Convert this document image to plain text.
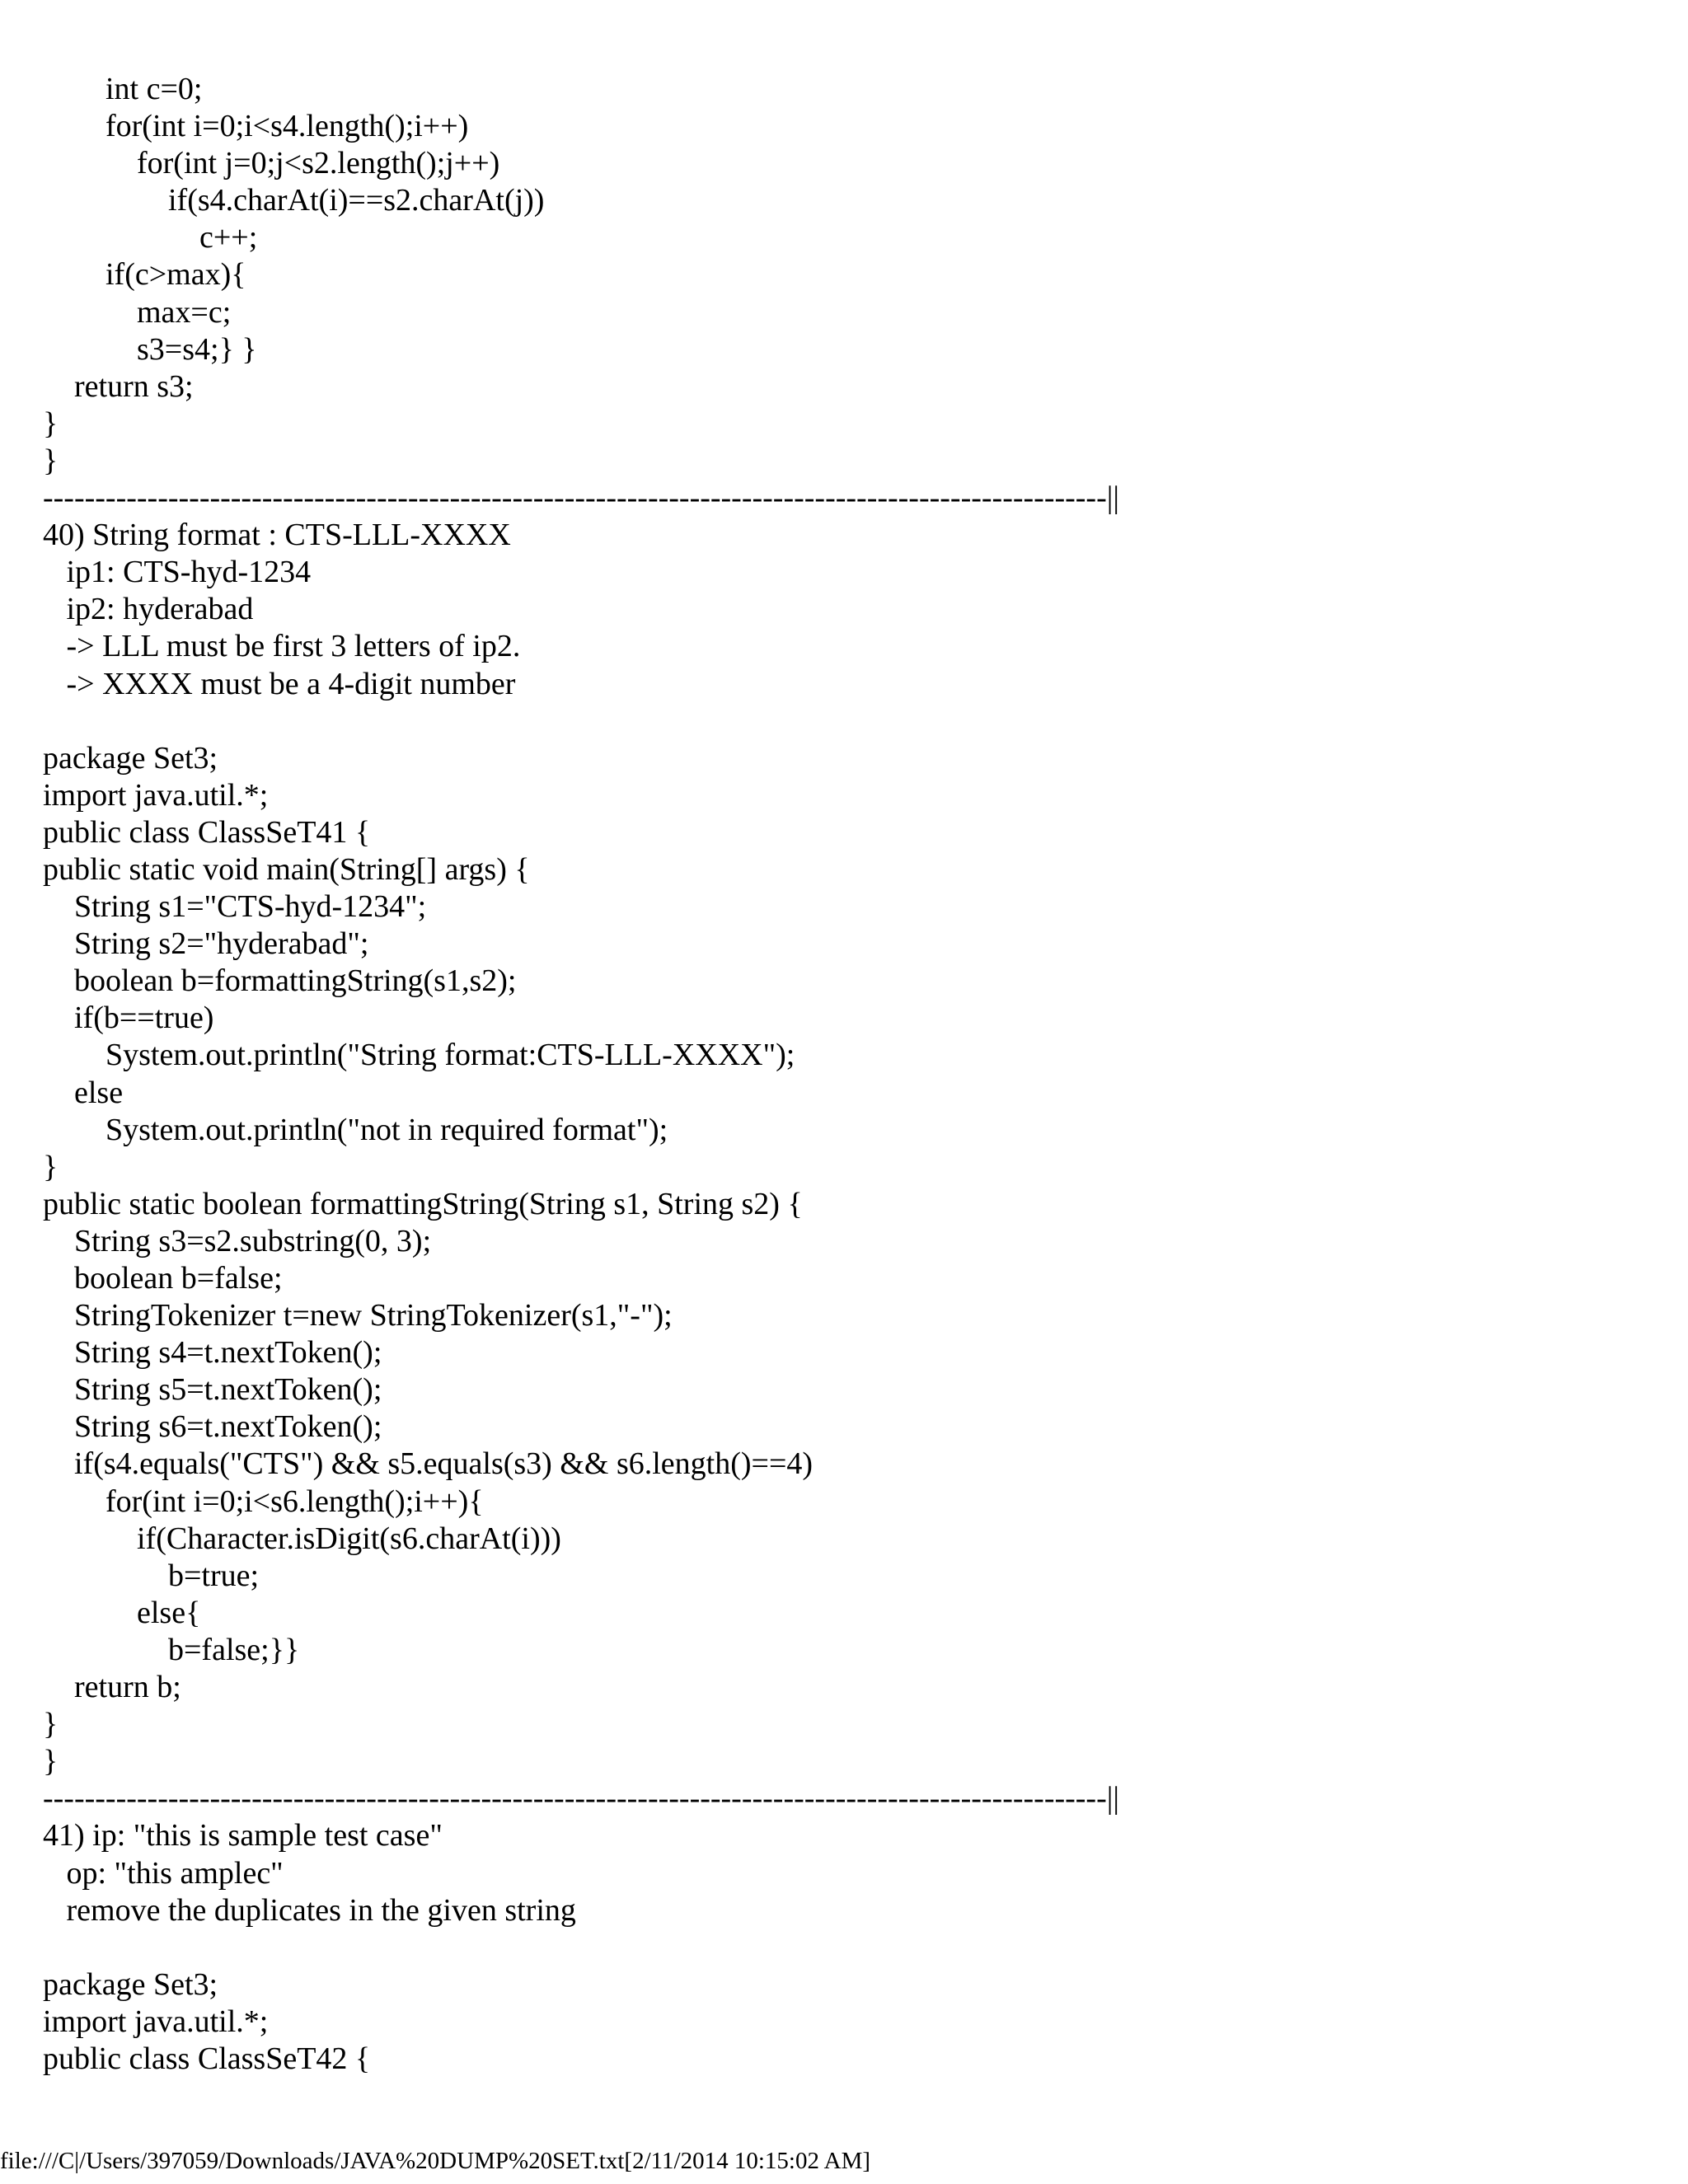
		int c=0;
		for(int i=0;i<s4.length();i++)
			for(int j=0;j<s2.length();j++)
				if(s4.charAt(i)==s2.charAt(j))
					c++;
		if(c>max){
			max=c;
			s3=s4;} }
	return s3;
}
}
------------------------------------------------------------------------------------------------------||
40) String format : CTS-LLL-XXXX
ip1: CTS-hyd-1234
ip2: hyderabad
-> LLL must be first 3 letters of ip2.
-> XXXX must be a 4-digit number

package Set3;
import java.util.*;
public class ClassSeT41 {
public static void main(String[] args) {
	String s1="CTS-hyd-1234";
	String s2="hyderabad";
	boolean b=formattingString(s1,s2);
	if(b==true)
		System.out.println("String format:CTS-LLL-XXXX");
	else
		System.out.println("not in required format");
}
public static boolean formattingString(String s1, String s2) {
	String s3=s2.substring(0, 3);
	boolean b=false;
	StringTokenizer t=new StringTokenizer(s1,"-");
	String s4=t.nextToken();
	String s5=t.nextToken();
	String s6=t.nextToken();
	if(s4.equals("CTS") && s5.equals(s3) && s6.length()==4)
		for(int i=0;i<s6.length();i++){
			if(Character.isDigit(s6.charAt(i)))
				b=true;
			else{
				b=false;}}
	return b;
}
}
------------------------------------------------------------------------------------------------------||
41) ip: "this is sample test case"
op: "this amplec"
remove the duplicates in the given string

package Set3;
import java.util.*;
public class ClassSeT42 {
file:///C|/Users/397059/Downloads/JAVA%20DUMP%20SET.txt[2/11/2014 10:15:02 AM]
